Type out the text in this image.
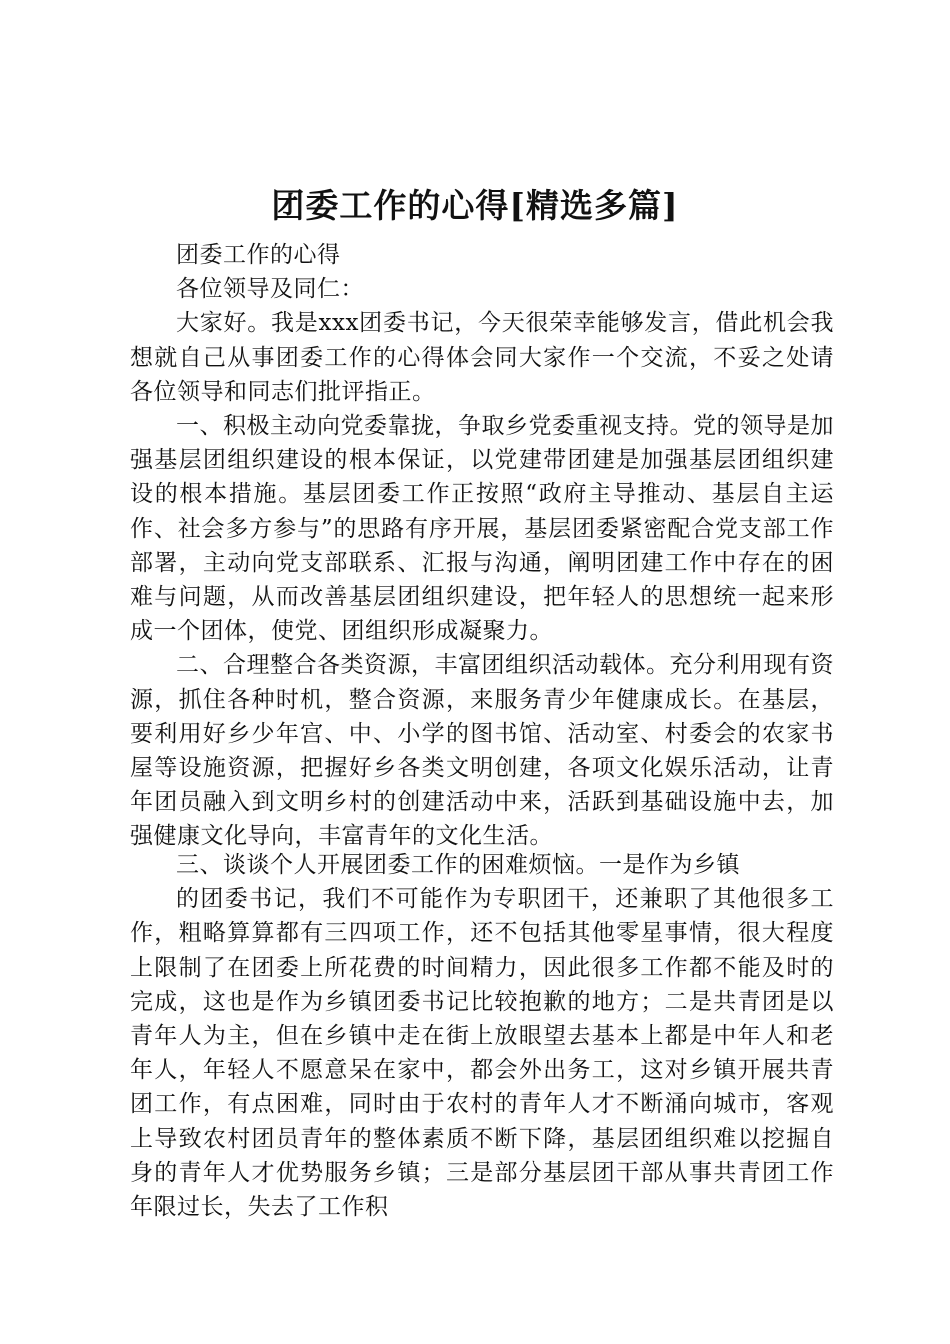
团委工作的心得[精选多篇]

团委工作的心得

各位领导及同仁：

大家好。我是xxx团委书记，今天很荣幸能够发言，借此机会我想就自己从事团委工作的心得体会同大家作一个交流，不妥之处请各位领导和同志们批评指正。

一、积极主动向党委靠拢，争取乡党委重视支持。党的领导是加强基层团组织建设的根本保证，以党建带团建是加强基层团组织建设的根本措施。基层团委工作正按照“政府主导推动、基层自主运作、社会多方参与”的思路有序开展，基层团委紧密配合党支部工作部署，主动向党支部联系、汇报与沟通，阐明团建工作中存在的困难与问题，从而改善基层团组织建设，把年轻人的思想统一起来形成一个团体，使党、团组织形成凝聚力。

二、合理整合各类资源，丰富团组织活动载体。充分利用现有资源，抓住各种时机，整合资源，来服务青少年健康成长。在基层，要利用好乡少年宫、中、小学的图书馆、活动室、村委会的农家书屋等设施资源，把握好乡各类文明创建，各项文化娱乐活动，让青年团员融入到文明乡村的创建活动中来，活跃到基础设施中去，加强健康文化导向，丰富青年的文化生活。

三、谈谈个人开展团委工作的困难烦恼。一是作为乡镇

的团委书记，我们不可能作为专职团干，还兼职了其他很多工作，粗略算算都有三四项工作，还不包括其他零星事情，很大程度上限制了在团委上所花费的时间精力，因此很多工作都不能及时的完成，这也是作为乡镇团委书记比较抱歉的地方；二是共青团是以青年人为主，但在乡镇中走在街上放眼望去基本上都是中年人和老年人，年轻人不愿意呆在家中，都会外出务工，这对乡镇开展共青团工作，有点困难，同时由于农村的青年人才不断涌向城市，客观上导致农村团员青年的整体素质不断下降，基层团组织难以挖掘自身的青年人才优势服务乡镇；三是部分基层团干部从事共青团工作年限过长，失去了工作积
